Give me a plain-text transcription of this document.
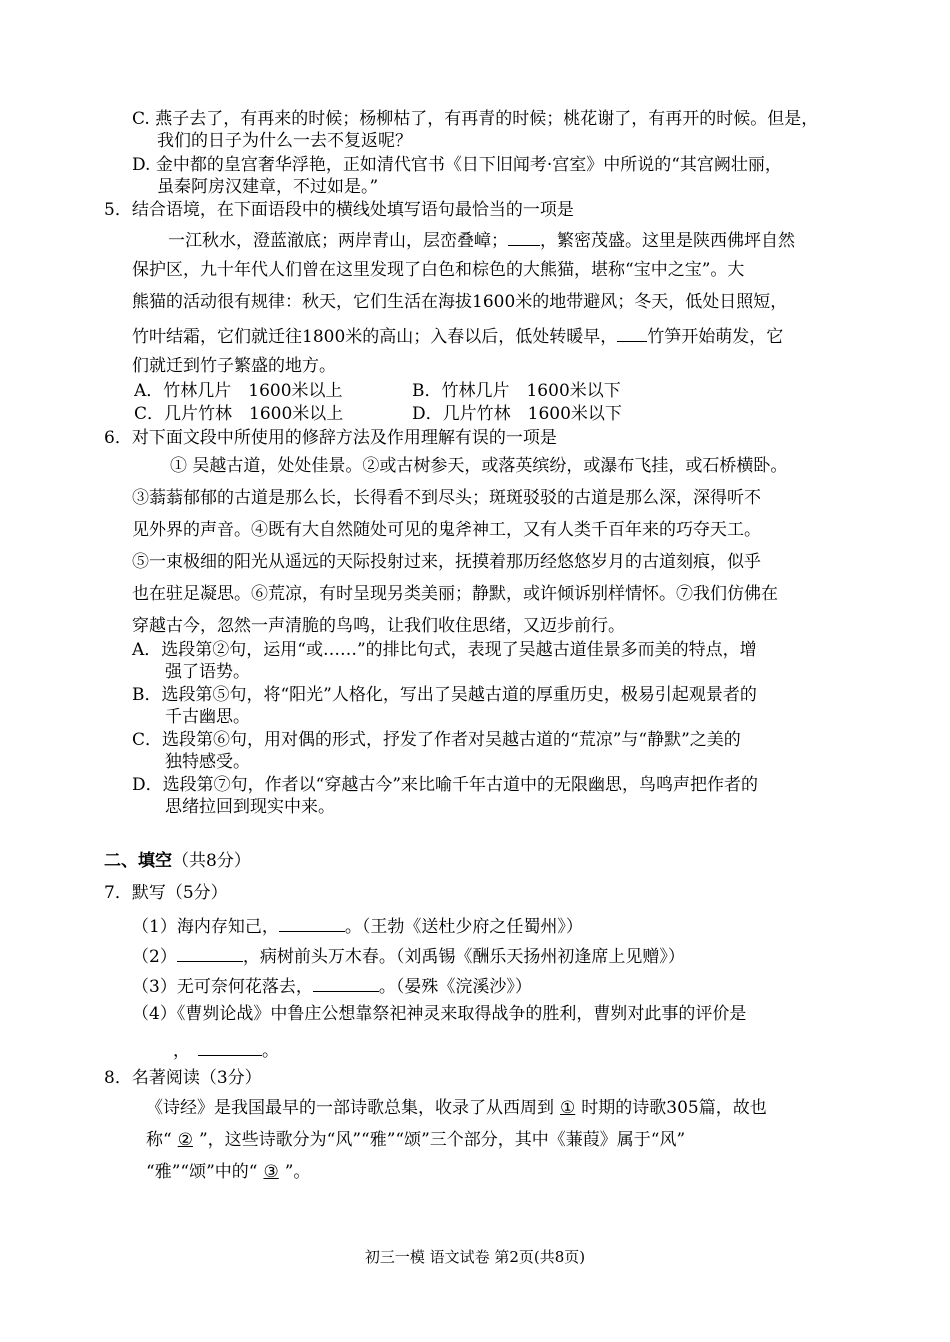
C. 燕子去了，有再来的时候；杨柳枯了，有再青的时候；桃花谢了，有再开的时候。但是，
我们的日子为什么一去不复返呢？
D. 金中都的皇宫奢华浮艳，正如清代官书《日下旧闻考·宫室》中所说的“其宫阙壮丽，
虽秦阿房汉建章，不过如是。”
5．结合语境，在下面语段中的横线处填写语句最恰当的一项是
一江秋水，澄蓝澈底；两岸青山，层峦叠嶂； ，繁密茂盛。这里是陕西佛坪自然
保护区，九十年代人们曾在这里发现了白色和棕色的大熊猫，堪称“宝中之宝”。大
熊猫的活动很有规律：秋天，它们生活在海拔1600米的地带避风；冬天，低处日照短，
竹叶结霜，它们就迁往1800米的高山；入春以后，低处转暖早， 竹笋开始萌发，它
们就迁到竹子繁盛的地方。
A．竹林几片　1600米以上	B．竹林几片　1600米以下
C．几片竹林　1600米以上	D．几片竹林　1600米以下
6．对下面文段中所使用的修辞方法及作用理解有误的一项是
① 吴越古道，处处佳景。②或古树参天，或落英缤纷，或瀑布飞挂，或石桥横卧。
③蓊蓊郁郁的古道是那么长，长得看不到尽头；斑斑驳驳的古道是那么深，深得听不
见外界的声音。④既有大自然随处可见的鬼斧神工，又有人类千百年来的巧夺天工。
⑤一束极细的阳光从遥远的天际投射过来，抚摸着那历经悠悠岁月的古道刻痕，似乎
也在驻足凝思。⑥荒凉，有时呈现另类美丽；静默，或许倾诉别样情怀。⑦我们仿佛在
穿越古今，忽然一声清脆的鸟鸣，让我们收住思绪，又迈步前行。
A．选段第②句，运用“或……”的排比句式，表现了吴越古道佳景多而美的特点，增
强了语势。
B．选段第⑤句，将“阳光”人格化，写出了吴越古道的厚重历史，极易引起观景者的
千古幽思。
C．选段第⑥句，用对偶的形式，抒发了作者对吴越古道的“荒凉”与“静默”之美的
独特感受。
D．选段第⑦句，作者以“穿越古今”来比喻千年古道中的无限幽思，鸟鸣声把作者的
思绪拉回到现实中来。
二、填空（共8分）
7．默写（5分）
（1）海内存知己，	。（王勃《送杜少府之任蜀州》）
（2）	，病树前头万木春。（刘禹锡《酬乐天扬州初逢席上见赠》）
（3）无可奈何花落去，	。（晏殊《浣溪沙》）
（4）《曹刿论战》中鲁庄公想靠祭祀神灵来取得战争的胜利，曹刿对此事的评价是
，	。
8．名著阅读（3分）
《诗经》是我国最早的一部诗歌总集，收录了从西周到 ① 时期的诗歌305篇，故也
称“ ② ”，这些诗歌分为“风”“雅”“颂”三个部分，其中《蒹葭》属于“风”
“雅”“颂”中的“ ③ ”。
初三一模 语文试卷 第2页(共8页)
